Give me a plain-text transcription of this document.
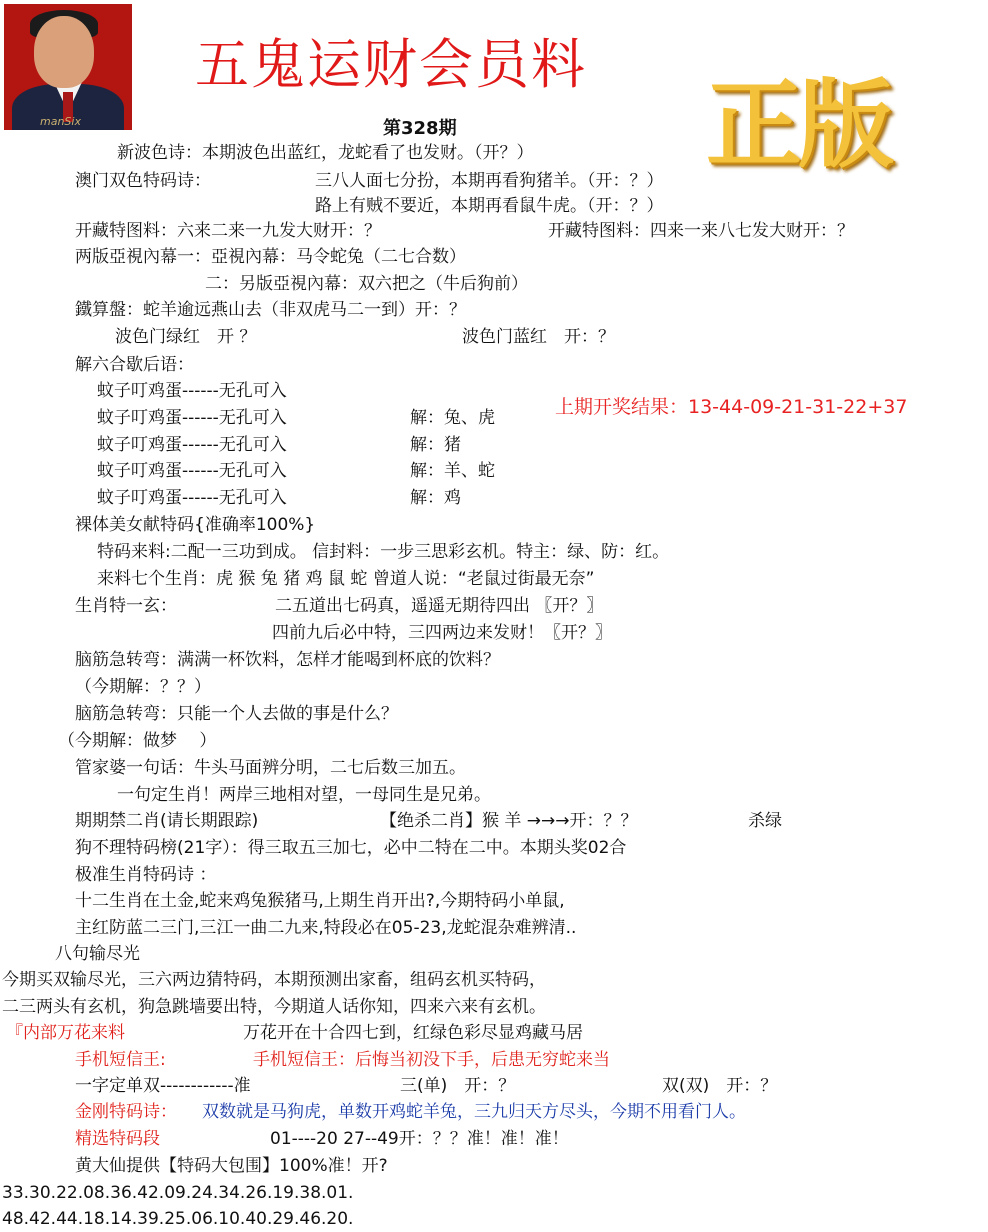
manSix
五鬼运财会员料
正版
第328期
上期开奖结果：13-44-09-21-31-22+37
新波色诗：本期波色出蓝红，龙蛇看了也发财。（开？）
澳门双色特码诗：	三八人面七分扮，本期再看狗猪羊。（开：？）
路上有贼不要近，本期再看鼠牛虎。（开：？）
开藏特图料：六来二来一九发大财开：？	开藏特图料：四来一来八七发大财开：？
两版亞視內幕一：亞視內幕：马令蛇兔（二七合数）
二：另版亞視內幕：双六把之（牛后狗前）
鐵算盤：蛇羊逾远燕山去（非双虎马二一到）开：？
波色门绿红　开 ？	波色门蓝红　开：？
解六合歇后语：
蚊子叮鸡蛋------无孔可入
蚊子叮鸡蛋------无孔可入	解：兔、虎
蚊子叮鸡蛋------无孔可入	解：猪
蚊子叮鸡蛋------无孔可入	解：羊、蛇
蚊子叮鸡蛋------无孔可入	解：鸡
裸体美女献特码{准确率100%}
特码来料:二配一三功到成。 信封料：一步三思彩玄机。特主：绿、防：红。
来料七个生肖：虎 猴 兔 猪 鸡 鼠 蛇 曾道人说：“老鼠过街最无奈”
生肖特一玄：	二五道出七码真，遥遥无期待四出 〖开？〗
四前九后必中特，三四两边来发财！〖开？〗
脑筋急转弯：满满一杯饮料，怎样才能喝到杯底的饮料？
（今期解：？？）
脑筋急转弯：只能一个人去做的事是什么？
（今期解：做梦　 ）
管家婆一句话：牛头马面辨分明，二七后数三加五。
一句定生肖！两岸三地相对望，一母同生是兄弟。
期期禁二肖(请长期跟踪)	【绝杀二肖】猴 羊 →→→开：？？	杀绿
狗不理特码榜(21字）：得三取五三加七，必中二特在二中。本期头奖02合
极准生肖特码诗 ：
十二生肖在土金,蛇来鸡兔猴猪马,上期生肖开出?,今期特码小单鼠,
主红防蓝二三门,三江一曲二九来,特段必在05-23,龙蛇混杂难辨清..
八句输尽光
今期买双输尽光，三六两边猜特码，本期预测出家畜，组码玄机买特码，
二三两头有玄机，狗急跳墙要出特，今期道人话你知，四来六来有玄机。
『内部万花来料	万花开在十合四七到，红绿色彩尽显鸡藏马居
手机短信王:	手机短信王：后悔当初没下手，后患无穷蛇来当
一字定单双------------准	三(单)　开：？	双(双)　开：？
金刚特码诗： 双数就是马狗虎，单数开鸡蛇羊兔，三九归天方尽头，今期不用看门人。
精选特码段	01----20 27--49开：？？准！准！准！
黄大仙提供【特码大包围】100%准！开?
33.30.22.08.36.42.09.24.34.26.19.38.01.
48.42.44.18.14.39.25.06.10.40.29.46.20.
